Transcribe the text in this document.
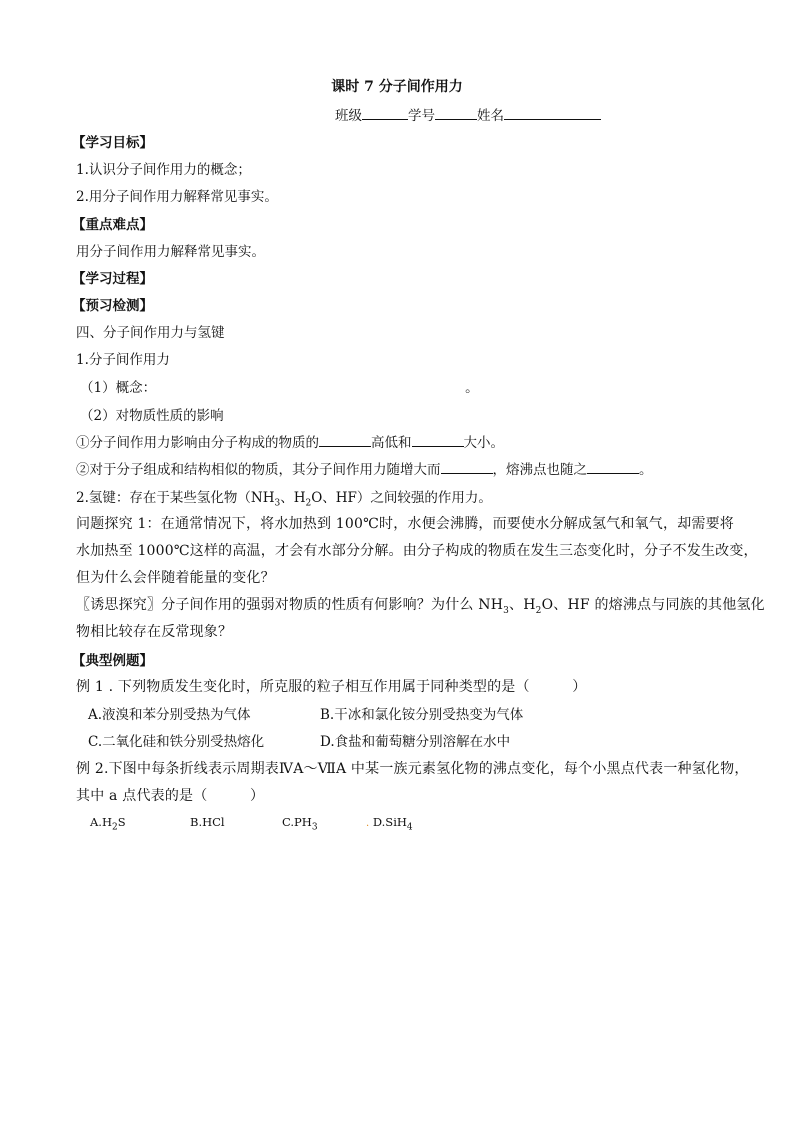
课时 7 分子间作用力
班级	学号	姓名
【学习目标】
1.认识分子间作用力的概念；
2.用分子间作用力解释常见事实。
【重点难点】
用分子间作用力解释常见事实。
【学习过程】
【预习检测】
四、分子间作用力与氢键
1.分子间作用力
（1）概念：	。
（2）对物质性质的影响
①分子间作用力影响由分子构成的物质的	高低和	大小。
②对于分子组成和结构相似的物质，其分子间作用力随增大而	，熔沸点也随之	。
2.氢键：存在于某些氢化物（$NH_3$、$H_2O$、HF）之间较强的作用力。
问题探究 1：在通常情况下，将水加热到 100℃时，水便会沸腾，而要使水分解成氢气和氧气，却需要将
水加热至 1000℃这样的高温，才会有水部分分解。由分子构成的物质在发生三态变化时，分子不发生改变，
但为什么会伴随着能量的变化？
〖诱思探究〗分子间作用的强弱对物质的性质有何影响？为什么 $NH_3$、$H_2O$、HF 的熔沸点与同族的其他氢化
物相比较存在反常现象？
【典型例题】
例 1 . 下列物质发生变化时，所克服的粒子相互作用属于同种类型的是（　　　）
A.液溴和苯分别受热为气体	B.干冰和氯化铵分别受热变为气体
C.二氧化硅和铁分别受热熔化	D.食盐和葡萄糖分别溶解在水中
例 2.下图中每条折线表示周期表ⅣA～ⅦA 中某一族元素氢化物的沸点变化，每个小黑点代表一种氢化物，
其中 a 点代表的是（　　　）
$A.H_2S$	B.HCl	$C.PH_3$	. D.SiH$_4$
